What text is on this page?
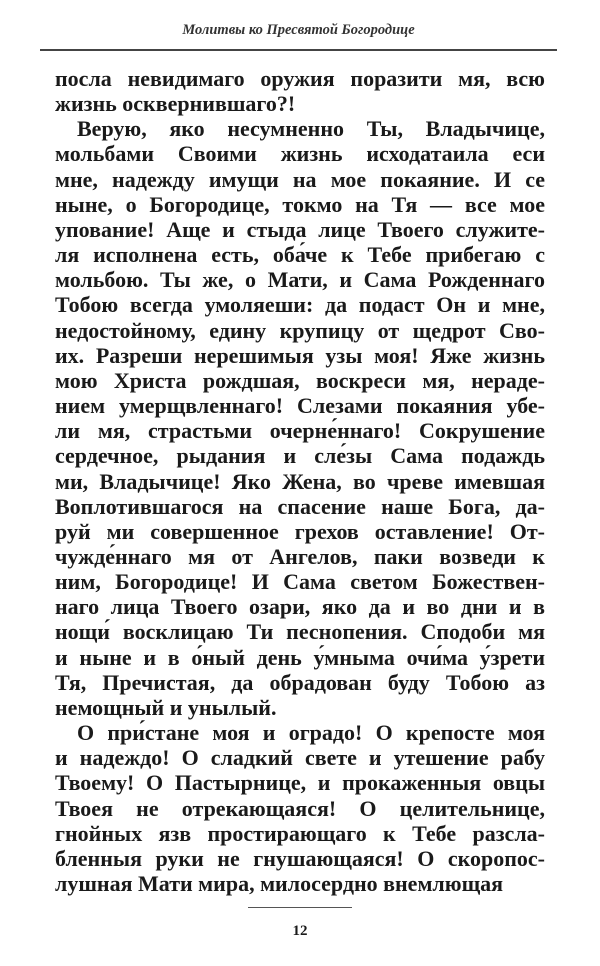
Молитвы ко Пресвятой Богородице
посла невидимаго оружия поразити мя, всю
жизнь осквернившаго?!
Верую, яко несумненно Ты, Владычице,
мольбами Своими жизнь исходатаила еси
мне, надежду имущи на мое покаяние. И се
ныне, о Богородице, токмо на Тя — все мое
упование! Аще и стыда лице Твоего служите-
ля исполнена есть, оба́че к Тебе прибегаю с
мольбою. Ты же, о Мати, и Сама Рожденнаго
Тобою всегда умоляеши: да подаст Он и мне,
недостойному, едину крупицу от щедрот Сво-
их. Разреши нерешимыя узы моя! Яже жизнь
мою Христа рождшая, воскреси мя, нераде-
нием умерщвленнаго! Слезами покаяния убе-
ли мя, страстьми очерне́ннаго! Сокрушение
сердечное, рыдания и сле́зы Сама подаждь
ми, Владычице! Яко Жена, во чреве имевшая
Воплотившагося на спасение наше Бога, да-
руй ми совершенное грехов оставление! От-
чужде́ннаго мя от Ангелов, паки возведи к
ним, Богородице! И Сама светом Божествен-
наго лица Твоего озари, яко да и во дни и в
нощи́ восклицаю Ти песнопения. Сподоби мя
и ныне и в о́ный день у́мныма очи́ма у́зрети
Тя, Пречистая, да обрадован буду Тобою аз
немощный и унылый.
О при́стане моя и оградо! О крепосте моя
и надеждо! О сладкий свете и утешение рабу
Твоему! О Пастырнице, и прокаженныя овцы
Твоея не отрекающаяся! О целительнице,
гнойных язв простирающаго к Тебе разсла-
бленныя руки не гнушающаяся! О скоропос-
лушная Мати мира, милосердно внемлющая
12
